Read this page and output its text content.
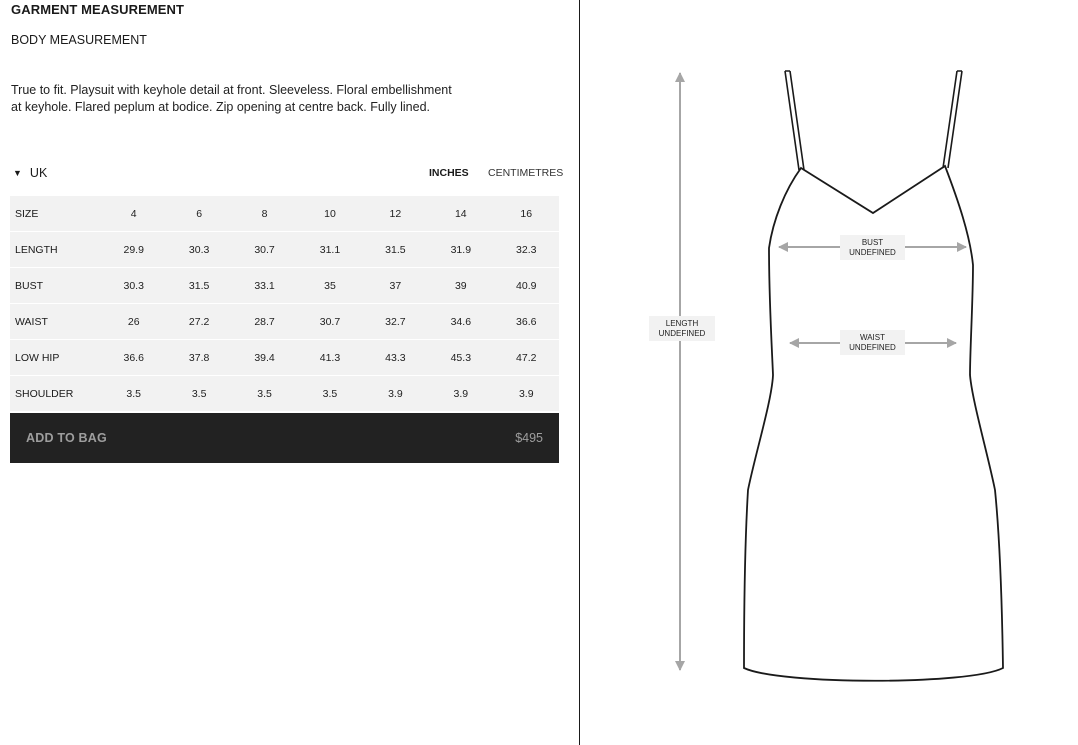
GARMENT MEASUREMENT
BODY MEASUREMENT
True to fit. Playsuit with keyhole detail at front. Sleeveless. Floral embellishment at keyhole. Flared peplum at bodice. Zip opening at centre back. Fully lined.
▼ UK	INCHES CENTIMETRES
SIZE	4	6	8	10	12	14	16
LENGTH	29.9	30.3	30.7	31.1	31.5	31.9	32.3
BUST	30.3	31.5	33.1	35	37	39	40.9
WAIST	26	27.2	28.7	30.7	32.7	34.6	36.6
LOW HIP	36.6	37.8	39.4	41.3	43.3	45.3	47.2
SHOULDER	3.5	3.5	3.5	3.5	3.9	3.9	3.9
ADD TO BAG	$495
LENGTH
UNDEFINED
BUST
UNDEFINED
WAIST
UNDEFINED
